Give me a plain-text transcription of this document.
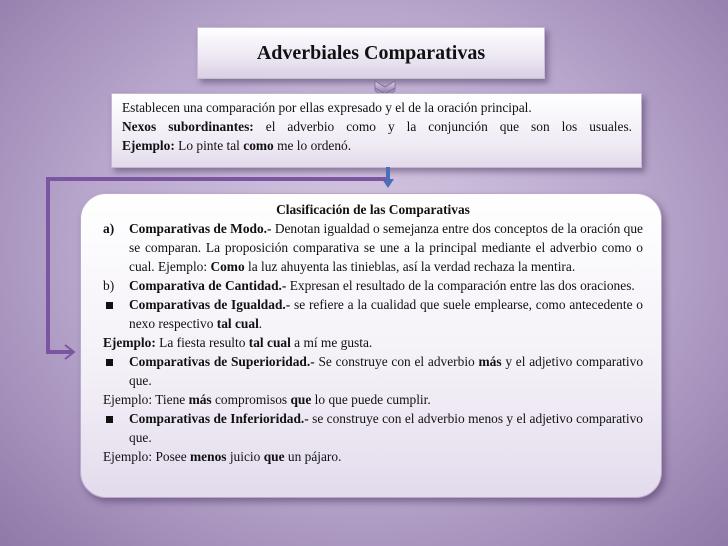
Adverbiales Comparativas

Establecen una comparación por ellas expresado y el de la oración principal.

Nexos subordinantes: el adverbio como y la conjunción que son los usuales.

Ejemplo: Lo pinte tal como me lo ordenó.

Clasificación de las Comparativas

a)	Comparativas de Modo.- Denotan igualdad o semejanza entre dos conceptos de la oración que se comparan. La proposición comparativa se une a la principal mediante el adverbio como o cual. Ejemplo: Como la luz ahuyenta las tinieblas, así la verdad rechaza la mentira.
b)	Comparativa de Cantidad.- Expresan el resultado de la comparación entre las dos oraciones.
Comparativas de Igualdad.- se refiere a la cualidad que suele emplearse, como antecedente o nexo respectivo tal cual.

Ejemplo: La fiesta resulto tal cual a mí me gusta.

Comparativas de Superioridad.- Se construye con el adverbio más y el adjetivo comparativo que.

Ejemplo: Tiene más compromisos que lo que puede cumplir.

Comparativas de Inferioridad.- se construye con el adverbio menos y el adjetivo comparativo que.

Ejemplo: Posee menos juicio que un pájaro.
